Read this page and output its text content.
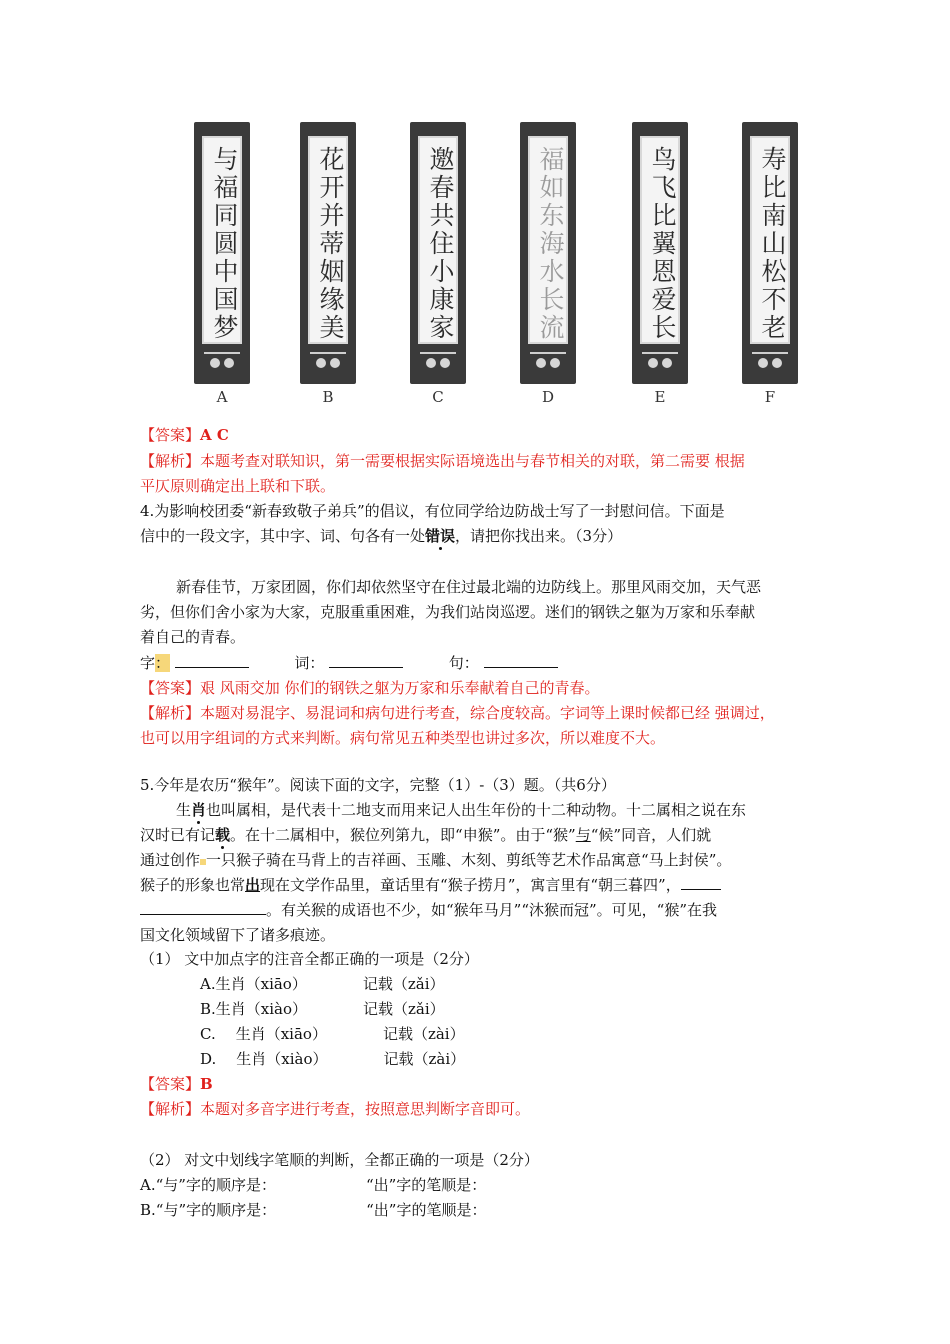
与福同圆中国梦
A
花开并蒂姻缘美
B
邀春共住小康家
C
福如东海水长流
D
鸟飞比翼恩爱长
E
寿比南山松不老
F
【答案】A C
【解析】本题考查对联知识，第一需要根据实际语境选出与春节相关的对联，第二需要 根据
平仄原则确定出上联和下联。
4.为影响校团委“新春致敬子弟兵”的倡议，有位同学给边防战士写了一封慰问信。下面是
信中的一段文字，其中字、词、句各有一处错误，请把你找出来。（3分）
新春佳节，万家团圆，你们却依然坚守在住过最北端的边防线上。那里风雨交加，天气恶
劣，但你们舍小家为大家，克服重重困难，为我们站岗巡逻。迷们的钢铁之躯为万家和乐奉献
着自己的青春。
字：	词：	句：
【答案】艰 风雨交加 你们的钢铁之躯为万家和乐奉献着自己的青春。
【解析】本题对易混字、易混词和病句进行考查，综合度较高。字词等上课时候都已经 强调过，
也可以用字组词的方式来判断。病句常见五种类型也讲过多次，所以难度不大。
5.今年是农历“猴年”。阅读下面的文字，完整（1）-（3）题。（共6分）
生肖也叫属相，是代表十二地支而用来记人出生年份的十二种动物。十二属相之说在东
汉时已有记载。在十二属相中，猴位列第九，即“申猴”。由于“猴”与“候”同音，人们就
通过创作 一只猴子骑在马背上的吉祥画、玉雕、木刻、剪纸等艺术作品寓意“马上封侯”。
猴子的形象也常出现在文学作品里，童话里有“猴子捞月”，寓言里有“朝三暮四”，
。有关猴的成语也不少，如“猴年马月”“沐猴而冠”。可见，“猴”在我
国文化领域留下了诸多痕迹。
（1） 文中加点字的注音全都正确的一项是（2分）
A.生肖（xiāo）	记载（zǎi）
B.生肖（xiào）	记载（zǎi）
C. 生肖（xiāo）	记载（zài）
D. 生肖（xiào）	记载（zài）
【答案】B
【解析】本题对多音字进行考查，按照意思判断字音即可。
（2） 对文中划线字笔顺的判断，全都正确的一项是（2分）
A.“与”字的顺序是：	“出”字的笔顺是：
B.“与”字的顺序是：	“出”字的笔顺是：
